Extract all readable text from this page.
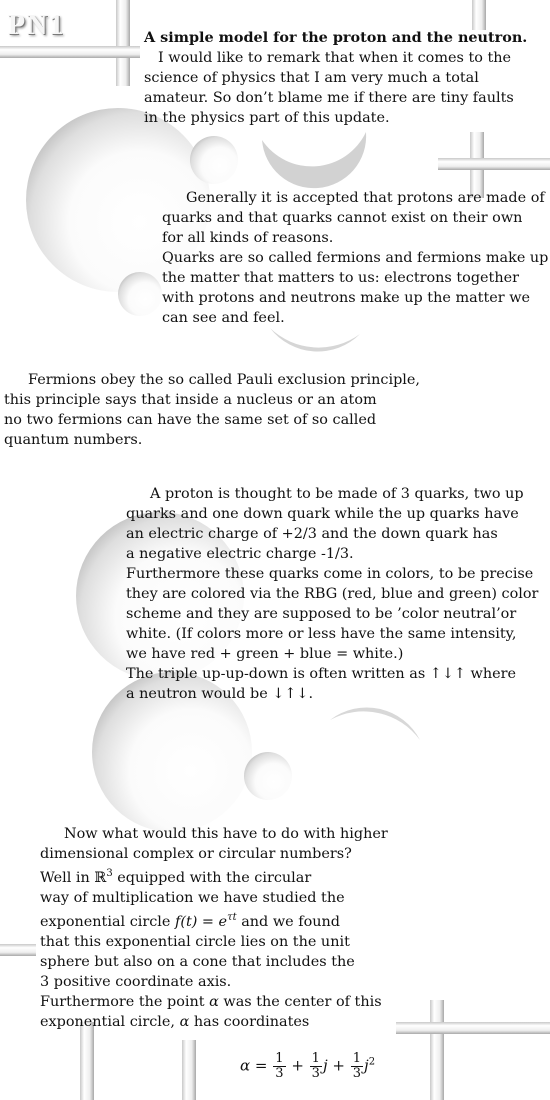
PN1	A simple model for the proton and the neutron.

I would like to remark that when it comes to the

science of physics that I am very much a total

amateur. So don’t blame me if there are tiny faults

in the physics part of this update.

Generally it is accepted that protons are made of

quarks and that quarks cannot exist on their own

for all kinds of reasons.

Quarks are so called fermions and fermions make up

the matter that matters to us: electrons together

with protons and neutrons make up the matter we

can see and feel.

Fermions obey the so called Pauli exclusion principle,

this principle says that inside a nucleus or an atom

no two fermions can have the same set of so called

quantum numbers.

A proton is thought to be made of 3 quarks, two up

quarks and one down quark while the up quarks have

an electric charge of +2/3 and the down quark has

a negative electric charge -1/3.

Furthermore these quarks come in colors, to be precise

they are colored via the RBG (red, blue and green) color

scheme and they are supposed to be ’color neutral’or

white. (If colors more or less have the same intensity,

we have red + green + blue = white.)

The triple up-up-down is often written as ↑↓↑ where

a neutron would be ↓↑↓.

Now what would this have to do with higher

dimensional complex or circular numbers?

Well in ℝ$^3$ equipped with the circular

way of multiplication we have studied the

exponential circle $f(t) = e^{\tau t}$ and we found

that this exponential circle lies on the unit

sphere but also on a cone that includes the

3 positive coordinate axis.

Furthermore the point α was the center of this

exponential circle, α has coordinates

$\alpha = \frac{1}{3} + \frac{1}{3}$ $j + \frac{1}{3} j^2$
